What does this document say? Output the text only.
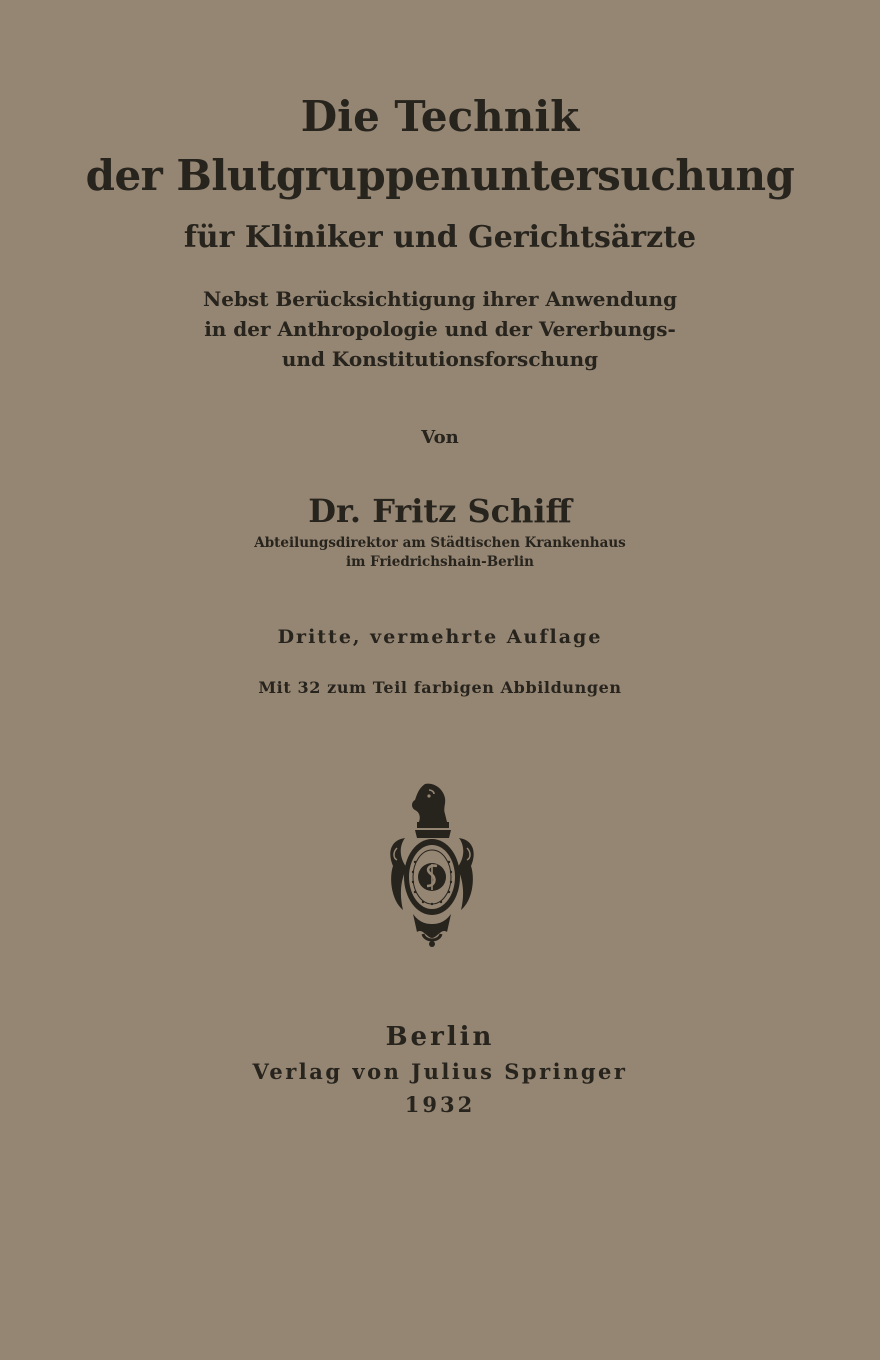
Die Technik
der Blutgruppenuntersuchung
für Kliniker und Gerichtsärzte
Nebst Berücksichtigung ihrer Anwendung
in der Anthropologie und der Vererbungs-
und Konstitutionsforschung
Von
Dr. Fritz Schiff
Abteilungsdirektor am Städtischen Krankenhaus
im Friedrichshain-Berlin
Dritte, vermehrte Auflage
Mit 32 zum Teil farbigen Abbildungen
Berlin
Verlag von Julius Springer
1932
